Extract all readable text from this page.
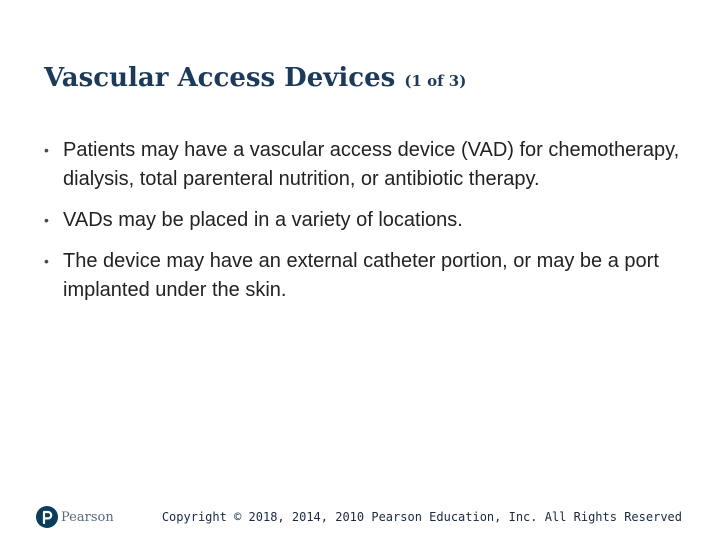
Vascular Access Devices (1 of 3)
• Patients may have a vascular access device (VAD) for chemotherapy, dialysis, total parenteral nutrition, or antibiotic therapy.
• VADs may be placed in a variety of locations.
• The device may have an external catheter portion, or may be a port implanted under the skin.
Pearson	Copyright © 2018, 2014, 2010 Pearson Education, Inc. All Rights Reserved
